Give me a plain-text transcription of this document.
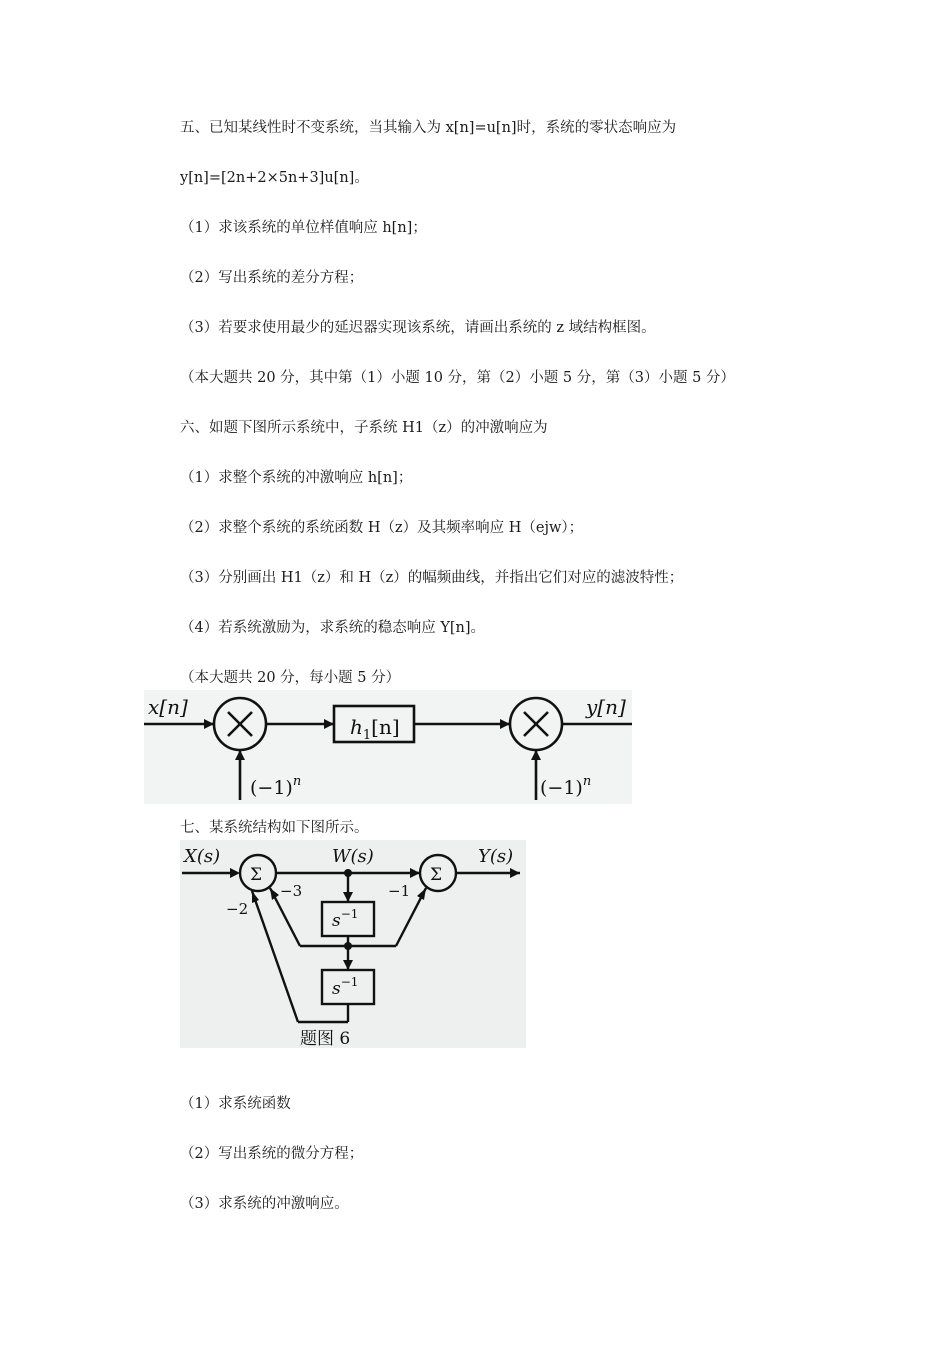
五、已知某线性时不变系统，当其输入为 x[n]=u[n]时，系统的零状态响应为
y[n]=[2n+2×5n+3]u[n]。
（1）求该系统的单位样值响应 h[n]；
（2）写出系统的差分方程；
（3）若要求使用最少的延迟器实现该系统，请画出系统的 z 域结构框图。
（本大题共 20 分，其中第（1）小题 10 分，第（2）小题 5 分，第（3）小题 5 分）
六、如题下图所示系统中，子系统 H1（z）的冲激响应为
（1）求整个系统的冲激响应 h[n]；
（2）求整个系统的系统函数 H（z）及其频率响应 H（ejw）；
（3）分别画出 H1（z）和 H（z）的幅频曲线，并指出它们对应的滤波特性；
（4）若系统激励为，求系统的稳态响应 Y[n]。
（本大题共 20 分，每小题 5 分）
x[n]	y[n]
$h_1[n]$
$(-1)^n$	$(-1)^n$
七、某系统结构如下图所示。
X(s)	Y(s)
W(s)
Σ	Σ
$s^{-1}$
$s^{-1}$
−3	−1
−2
题图 6
（1）求系统函数
（2）写出系统的微分方程；
（3）求系统的冲激响应。
